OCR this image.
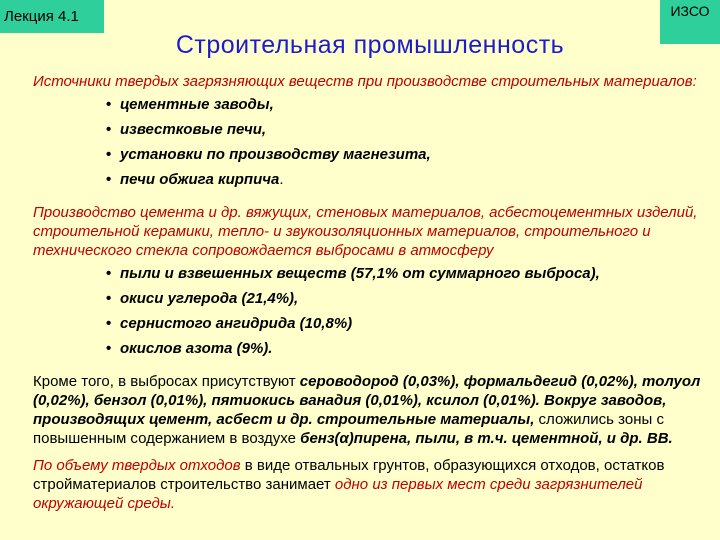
Лекция 4.1	ИЗСО
Строительная промышленность

Источники твердых загрязняющих веществ при производстве строительных материалов:

• цементные заводы,
• известковые печи,
• установки по производству магнезита,
• печи обжига кирпича.

Производство цемента и др. вяжущих, стеновых материалов, асбестоцементных изделий, строительной керамики, тепло- и звукоизоляционных материалов, строительного и технического стекла сопровождается выбросами в атмосферу

• пыли и взвешенных веществ (57,1% от суммарного выброса),
• окиси углерода (21,4%),
• сернистого ангидрида (10,8%)
• окислов азота (9%).

Кроме того, в выбросах присутствуют сероводород (0,03%), формальдегид (0,02%), толуол (0,02%), бензол (0,01%), пятиокись ванадия (0,01%), ксилол (0,01%). Вокруг заводов, производящих цемент, асбест и др. строительные материалы, сложились зоны с повышенным содержанием в воздухе бенз(α)пирена, пыли, в т.ч. цементной, и др. ВВ.

По объему твердых отходов в виде отвальных грунтов, образующихся отходов, остатков стройматериалов строительство занимает одно из первых мест среди загрязнителей окружающей среды.
